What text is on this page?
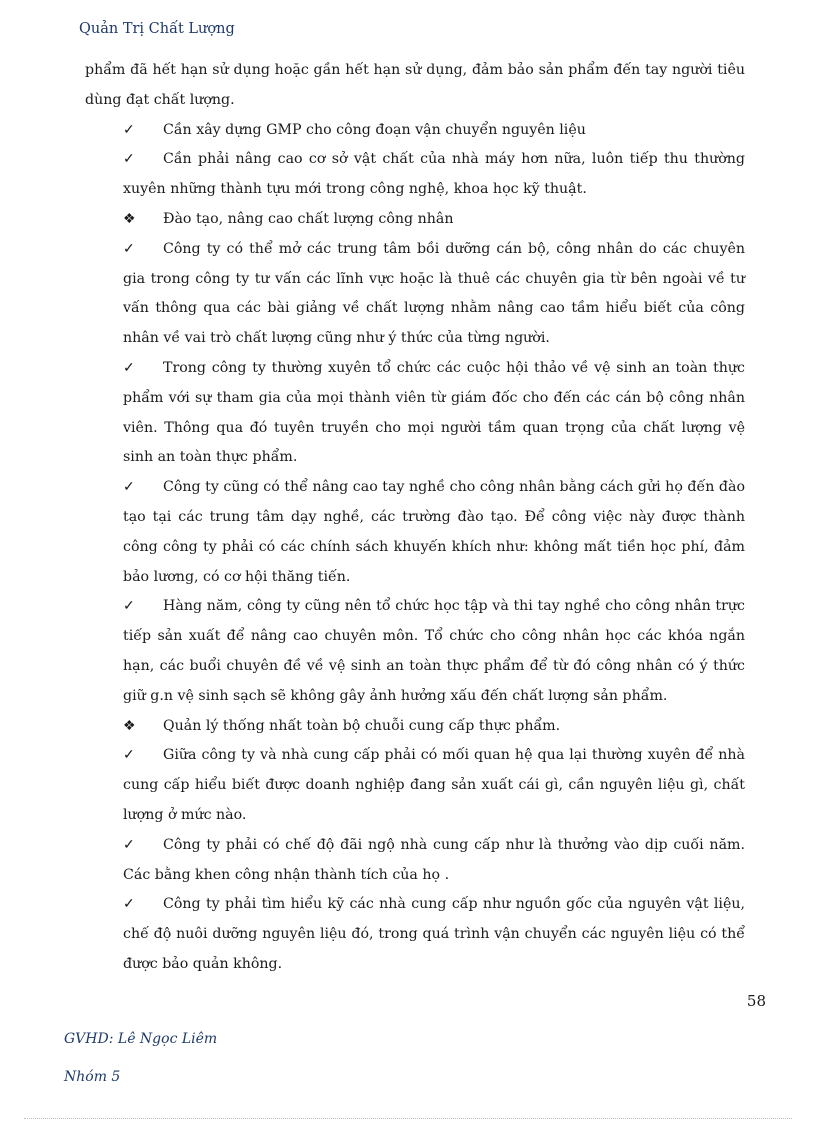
Quản Trị Chất Lượng

phẩm đã hết hạn sử dụng hoặc gần hết hạn sử dụng, đảm bảo sản phẩm đến tay người tiêu dùng đạt chất lượng.

✓ Cần xây dựng GMP cho công đoạn vận chuyển nguyên liệu

✓ Cần phải nâng cao cơ sở vật chất của nhà máy hơn nữa, luôn tiếp thu thường xuyên những thành tựu mới trong công nghệ, khoa học kỹ thuật.

❖ Đào tạo, nâng cao chất lượng công nhân

✓ Công ty có thể mở các trung tâm bồi dưỡng cán bộ, công nhân do các chuyên gia trong công ty tư vấn các lĩnh vực hoặc là thuê các chuyên gia từ bên ngoài về tư vấn thông qua các bài giảng về chất lượng nhằm nâng cao tầm hiểu biết của công nhân về vai trò chất lượng cũng như ý thức của từng người.

✓ Trong công ty thường xuyên tổ chức các cuộc hội thảo về vệ sinh an toàn thực phẩm với sự tham gia của mọi thành viên từ giám đốc cho đến các cán bộ công nhân viên. Thông qua đó tuyên truyền cho mọi người tầm quan trọng của chất lượng vệ sinh an toàn thực phẩm.

✓ Công ty cũng có thể nâng cao tay nghề cho công nhân bằng cách gửi họ đến đào tạo tại các trung tâm dạy nghề, các trường đào tạo. Để công việc này được thành công công ty phải có các chính sách khuyến khích như: không mất tiền học phí, đảm bảo lương, có cơ hội thăng tiến.

✓ Hàng năm, công ty cũng nên tổ chức học tập và thi tay nghề cho công nhân trực tiếp sản xuất để nâng cao chuyên môn. Tổ chức cho công nhân học các khóa ngắn hạn, các buổi chuyên đề về vệ sinh an toàn thực phẩm để từ đó công nhân có ý thức giữ g.n vệ sinh sạch sẽ không gây ảnh hưởng xấu đến chất lượng sản phẩm.

❖ Quản lý thống nhất toàn bộ chuỗi cung cấp thực phẩm.

✓ Giữa công ty và nhà cung cấp phải có mối quan hệ qua lại thường xuyên để nhà cung cấp hiểu biết được doanh nghiệp đang sản xuất cái gì, cần nguyên liệu gì, chất lượng ở mức nào.

✓ Công ty phải có chế độ đãi ngộ nhà cung cấp như là thưởng vào dịp cuối năm. Các bằng khen công nhận thành tích của họ .

✓ Công ty phải tìm hiểu kỹ các nhà cung cấp như nguồn gốc của nguyên vật liệu, chế độ nuôi dưỡng nguyên liệu đó, trong quá trình vận chuyển các nguyên liệu có thể được bảo quản không.

58
GVHD: Lê Ngọc Liêm
Nhóm 5
